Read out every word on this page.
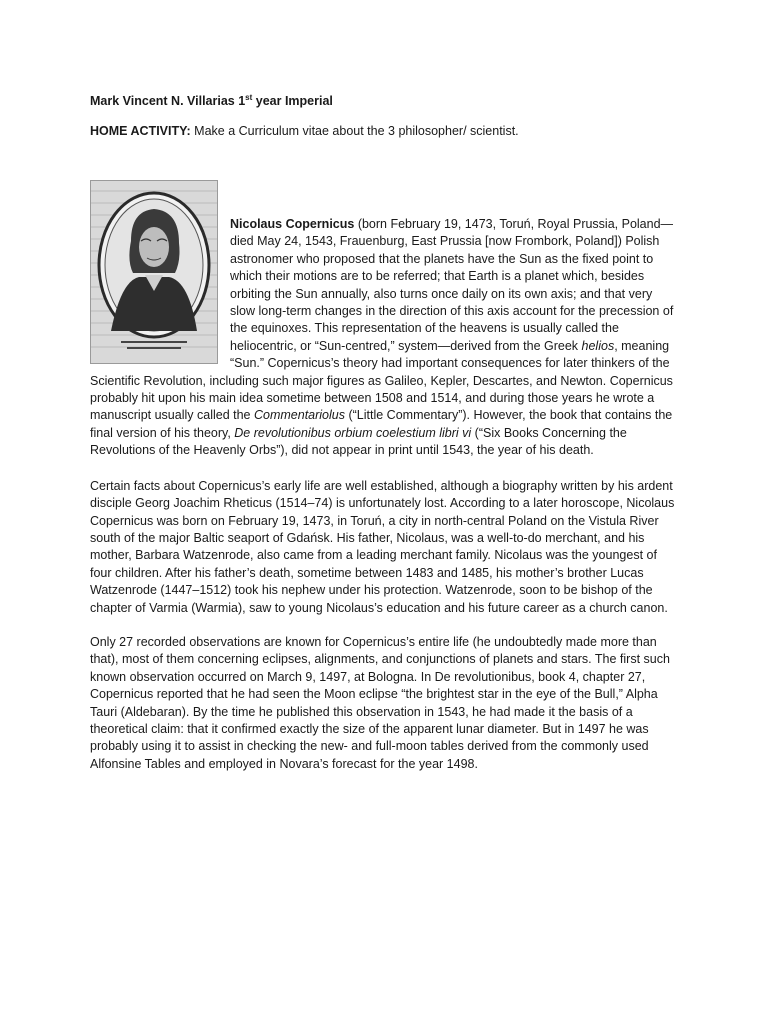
Mark Vincent N. Villarias 1st year Imperial
HOME ACTIVITY: Make a Curriculum vitae about the 3 philosopher/ scientist.

Nicolaus Copernicus (born February 19, 1473, Toruń, Royal Prussia, Poland—died May 24, 1543, Frauenburg, East Prussia [now Frombork, Poland]) Polish astronomer who proposed that the planets have the Sun as the fixed point to which their motions are to be referred; that Earth is a planet which, besides orbiting the Sun annually, also turns once daily on its own axis; and that very slow long-term changes in the direction of this axis account for the precession of the equinoxes. This representation of the heavens is usually called the heliocentric, or “Sun-centred,” system—derived from the Greek helios, meaning “Sun.” Copernicus’s theory had important consequences for later thinkers of the Scientific Revolution, including such major figures as Galileo, Kepler, Descartes, and Newton. Copernicus probably hit upon his main idea sometime between 1508 and 1514, and during those years he wrote a manuscript usually called the Commentariolus (“Little Commentary”). However, the book that contains the final version of his theory, De revolutionibus orbium coelestium libri vi (“Six Books Concerning the Revolutions of the Heavenly Orbs”), did not appear in print until 1543, the year of his death.

Certain facts about Copernicus’s early life are well established, although a biography written by his ardent disciple Georg Joachim Rheticus (1514–74) is unfortunately lost. According to a later horoscope, Nicolaus Copernicus was born on February 19, 1473, in Toruń, a city in north-central Poland on the Vistula River south of the major Baltic seaport of Gdańsk. His father, Nicolaus, was a well-to-do merchant, and his mother, Barbara Watzenrode, also came from a leading merchant family. Nicolaus was the youngest of four children. After his father’s death, sometime between 1483 and 1485, his mother’s brother Lucas Watzenrode (1447–1512) took his nephew under his protection. Watzenrode, soon to be bishop of the chapter of Varmia (Warmia), saw to young Nicolaus’s education and his future career as a church canon.

Only 27 recorded observations are known for Copernicus’s entire life (he undoubtedly made more than that), most of them concerning eclipses, alignments, and conjunctions of planets and stars. The first such known observation occurred on March 9, 1497, at Bologna. In De revolutionibus, book 4, chapter 27, Copernicus reported that he had seen the Moon eclipse “the brightest star in the eye of the Bull,” Alpha Tauri (Aldebaran). By the time he published this observation in 1543, he had made it the basis of a theoretical claim: that it confirmed exactly the size of the apparent lunar diameter. But in 1497 he was probably using it to assist in checking the new- and full-moon tables derived from the commonly used Alfonsine Tables and employed in Novara’s forecast for the year 1498.
